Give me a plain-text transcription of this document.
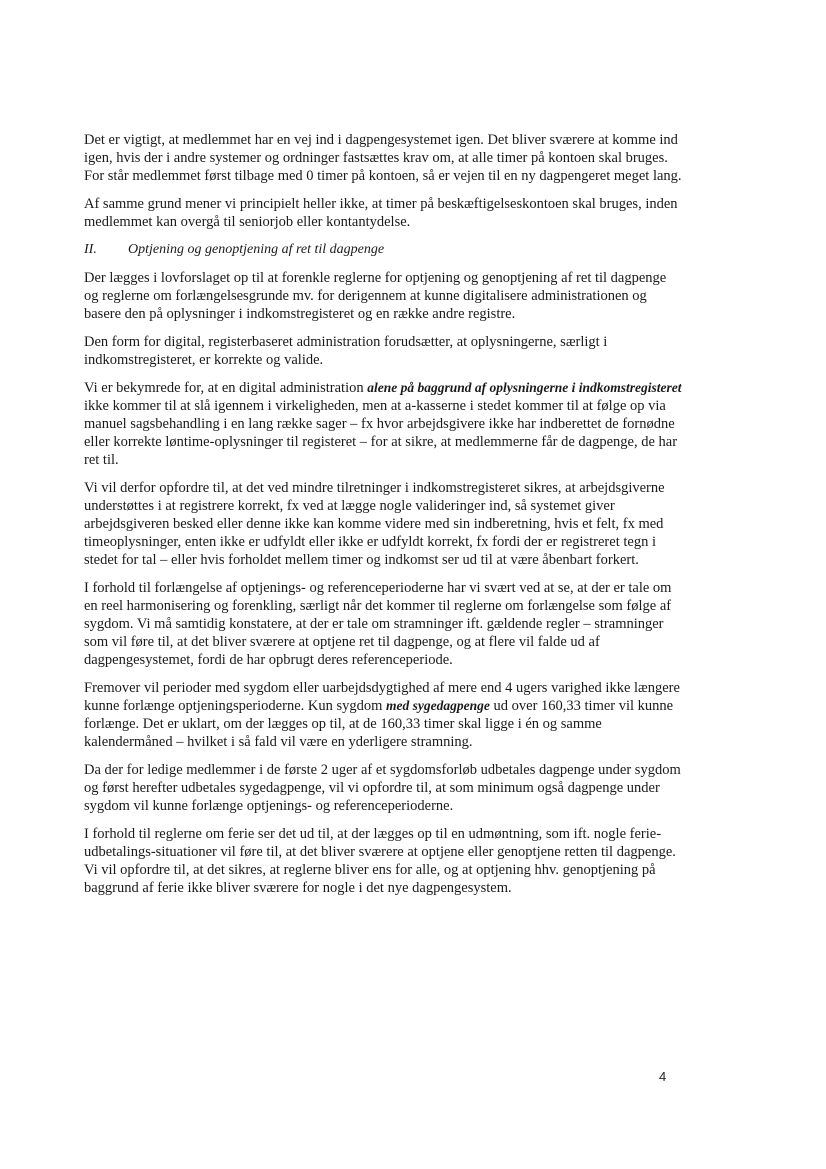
Det er vigtigt, at medlemmet har en vej ind i dagpengesystemet igen. Det bliver sværere at komme ind igen, hvis der i andre systemer og ordninger fastsættes krav om, at alle timer på kontoen skal bruges. For står medlemmet først tilbage med 0 timer på kontoen, så er vejen til en ny dagpengeret meget lang.

Af samme grund mener vi principielt heller ikke, at timer på beskæftigelseskontoen skal bruges, inden medlemmet kan overgå til seniorjob eller kontantydelse.

II.	Optjening og genoptjening af ret til dagpenge

Der lægges i lovforslaget op til at forenkle reglerne for optjening og genoptjening af ret til dagpenge og reglerne om forlængelsesgrunde mv. for derigennem at kunne digitalisere administrationen og basere den på oplysninger i indkomstregisteret og en række andre registre.

Den form for digital, registerbaseret administration forudsætter, at oplysningerne, særligt i indkomstregisteret, er korrekte og valide.

Vi er bekymrede for, at en digital administration alene på baggrund af oplysningerne i indkomstregisteret ikke kommer til at slå igennem i virkeligheden, men at a-kasserne i stedet kommer til at følge op via manuel sagsbehandling i en lang række sager – fx hvor arbejdsgivere ikke har indberettet de fornødne eller korrekte løntime-oplysninger til registeret – for at sikre, at medlemmerne får de dagpenge, de har ret til.

Vi vil derfor opfordre til, at det ved mindre tilretninger i indkomstregisteret sikres, at arbejdsgiverne understøttes i at registrere korrekt, fx ved at lægge nogle valideringer ind, så systemet giver arbejdsgiveren besked eller denne ikke kan komme videre med sin indberetning, hvis et felt, fx med timeoplysninger, enten ikke er udfyldt eller ikke er udfyldt korrekt, fx fordi der er registreret tegn i stedet for tal – eller hvis forholdet mellem timer og indkomst ser ud til at være åbenbart forkert.

I forhold til forlængelse af optjenings- og referenceperioderne har vi svært ved at se, at der er tale om en reel harmonisering og forenkling, særligt når det kommer til reglerne om forlængelse som følge af sygdom. Vi må samtidig konstatere, at der er tale om stramninger ift. gældende regler – stramninger som vil føre til, at det bliver sværere at optjene ret til dagpenge, og at flere vil falde ud af dagpengesystemet, fordi de har opbrugt deres referenceperiode.

Fremover vil perioder med sygdom eller uarbejdsdygtighed af mere end 4 ugers varighed ikke længere kunne forlænge optjeningsperioderne. Kun sygdom med sygedagpenge ud over 160,33 timer vil kunne forlænge. Det er uklart, om der lægges op til, at de 160,33 timer skal ligge i én og samme kalendermåned – hvilket i så fald vil være en yderligere stramning.

Da der for ledige medlemmer i de første 2 uger af et sygdomsforløb udbetales dagpenge under sygdom og først herefter udbetales sygedagpenge, vil vi opfordre til, at som minimum også dagpenge under sygdom vil kunne forlænge optjenings- og referenceperioderne.

I forhold til reglerne om ferie ser det ud til, at der lægges op til en udmøntning, som ift. nogle ferie-udbetalings-situationer vil føre til, at det bliver sværere at optjene eller genoptjene retten til dagpenge. Vi vil opfordre til, at det sikres, at reglerne bliver ens for alle, og at optjening hhv. genoptjening på baggrund af ferie ikke bliver sværere for nogle i det nye dagpengesystem.

4
